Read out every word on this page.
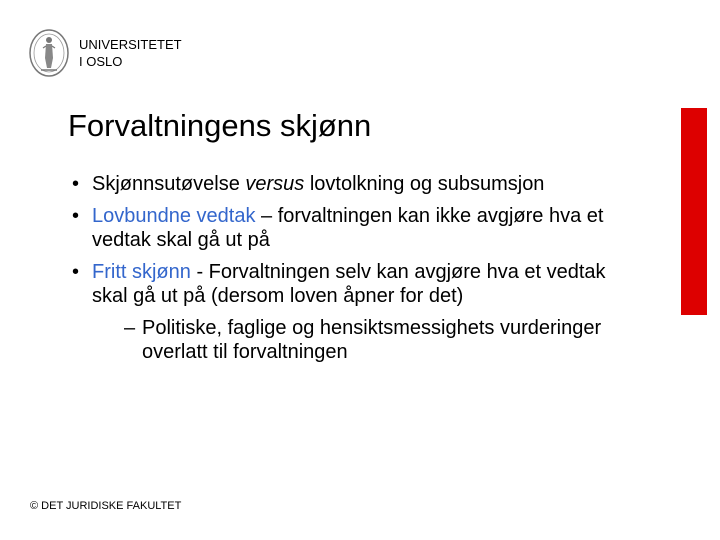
UNIVERSITETET
I OSLO
Forvaltningens skjønn
• Skjønnsutøvelse versus lovtolkning og subsumsjon
• Lovbundne vedtak – forvaltningen kan ikke avgjøre hva et vedtak skal gå ut på
• Fritt skjønn - Forvaltningen selv kan avgjøre hva et vedtak skal gå ut på (dersom loven åpner for det)
– Politiske, faglige og hensiktsmessighets vurderinger overlatt til forvaltningen
© DET JURIDISKE FAKULTET
